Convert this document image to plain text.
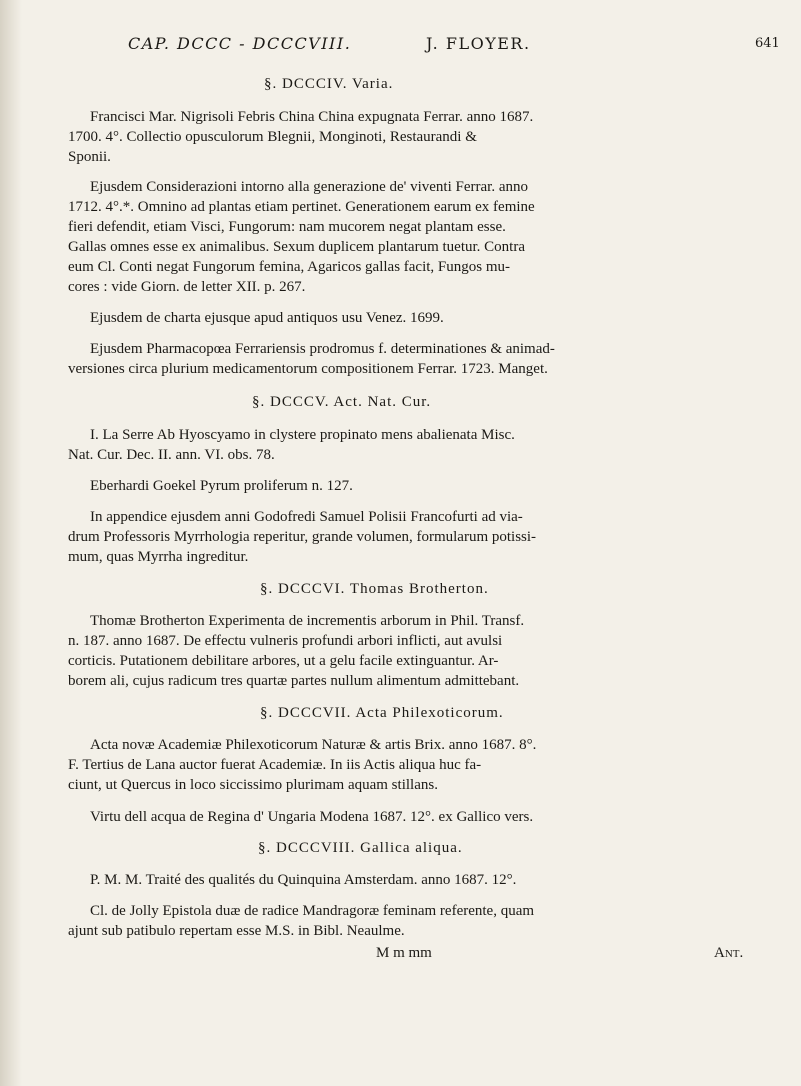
CAP. DCCC - DCCCVIII.	J. FLOYER.	641
§. DCCCIV. Varia.
Francisci Mar. Nigrisoli Febris China China expugnata Ferrar. anno 1687.
1700. 4°. Collectio opusculorum Blegnii, Monginoti, Restaurandi &
Sponii.
Ejusdem Considerazioni intorno alla generazione de' viventi Ferrar. anno
1712. 4°.*. Omnino ad plantas etiam pertinet. Generationem earum ex femine
fieri defendit, etiam Visci, Fungorum: nam mucorem negat plantam esse.
Gallas omnes esse ex animalibus. Sexum duplicem plantarum tuetur. Contra
eum Cl. Conti negat Fungorum femina, Agaricos gallas facit, Fungos mu-
cores : vide Giorn. de letter XII. p. 267.
Ejusdem de charta ejusque apud antiquos usu Venez. 1699.
Ejusdem Pharmacopœa Ferrariensis prodromus f. determinationes & animad-
versiones circa plurium medicamentorum compositionem Ferrar. 1723. Manget.
§. DCCCV. Act. Nat. Cur.
I. La Serre Ab Hyoscyamo in clystere propinato mens abalienata Misc.
Nat. Cur. Dec. II. ann. VI. obs. 78.
Eberhardi Goekel Pyrum proliferum n. 127.
In appendice ejusdem anni Godofredi Samuel Polisii Francofurti ad via-
drum Professoris Myrrhologia reperitur, grande volumen, formularum potissi-
mum, quas Myrrha ingreditur.
§. DCCCVI. Thomas Brotherton.
Thomæ Brotherton Experimenta de incrementis arborum in Phil. Transf.
n. 187. anno 1687. De effectu vulneris profundi arbori inflicti, aut avulsi
corticis. Putationem debilitare arbores, ut a gelu facile extinguantur. Ar-
borem ali, cujus radicum tres quartæ partes nullum alimentum admittebant.
§. DCCCVII. Acta Philexoticorum.
Acta novæ Academiæ Philexoticorum Naturæ & artis Brix. anno 1687. 8°.
F. Tertius de Lana auctor fuerat Academiæ. In iis Actis aliqua huc fa-
ciunt, ut Quercus in loco siccissimo plurimam aquam stillans.
Virtu dell acqua de Regina d' Ungaria Modena 1687. 12°. ex Gallico vers.
§. DCCCVIII. Gallica aliqua.
P. M. M. Traité des qualités du Quinquina Amsterdam. anno 1687. 12°.
Cl. de Jolly Epistola duæ de radice Mandragoræ feminam referente, quam
ajunt sub patibulo repertam esse M.S. in Bibl. Neaulme.
M m mm	Ant.
